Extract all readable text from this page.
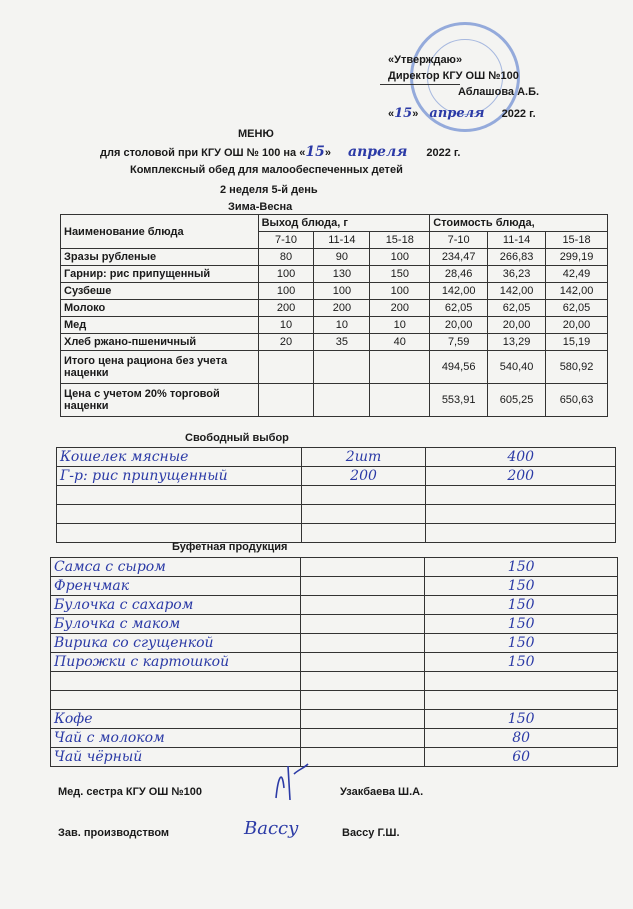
«Утверждаю»
Директор КГУ ОШ №100
Аблашова А.Б.
«15» апреля 2022 г.
МЕНЮ
для столовой при КГУ ОШ № 100 на «15» апреля 2022 г.
Комплексный обед для малообеспеченных детей
2 неделя 5-й день
Зима-Весна
Наименование блюда	Выход блюда, г			Стоимость блюда,		
	7-10	11-14	15-18	7-10	11-14	15-18
Зразы рубленые	80	90	100	234,47	266,83	299,19
Гарнир: рис припущенный	100	130	150	28,46	36,23	42,49
Сузбеше	100	100	100	142,00	142,00	142,00
Молоко	200	200	200	62,05	62,05	62,05
Мед	10	10	10	20,00	20,00	20,00
Хлеб ржано-пшеничный	20	35	40	7,59	13,29	15,19
Итого цена рациона без учета наценки				494,56	540,40	580,92
Цена с учетом 20% торговой наценки				553,91	605,25	650,63
Свободный выбор
Кошелек мясные	2шт	400
Г-р: рис припущенный	200	200

Буфетная продукция
Самса с сыром		150
Френчмак		150
Булочка с сахаром		150
Булочка с маком		150
Вирика со сгущенкой		150
Пирожки с картошкой		150

Кофе		150
Чай с молоком		80
Чай чёрный		60
Мед. сестра КГУ ОШ №100	Узакбаева Ш.А.
Зав. производством	Вассу	Вассу Г.Ш.
